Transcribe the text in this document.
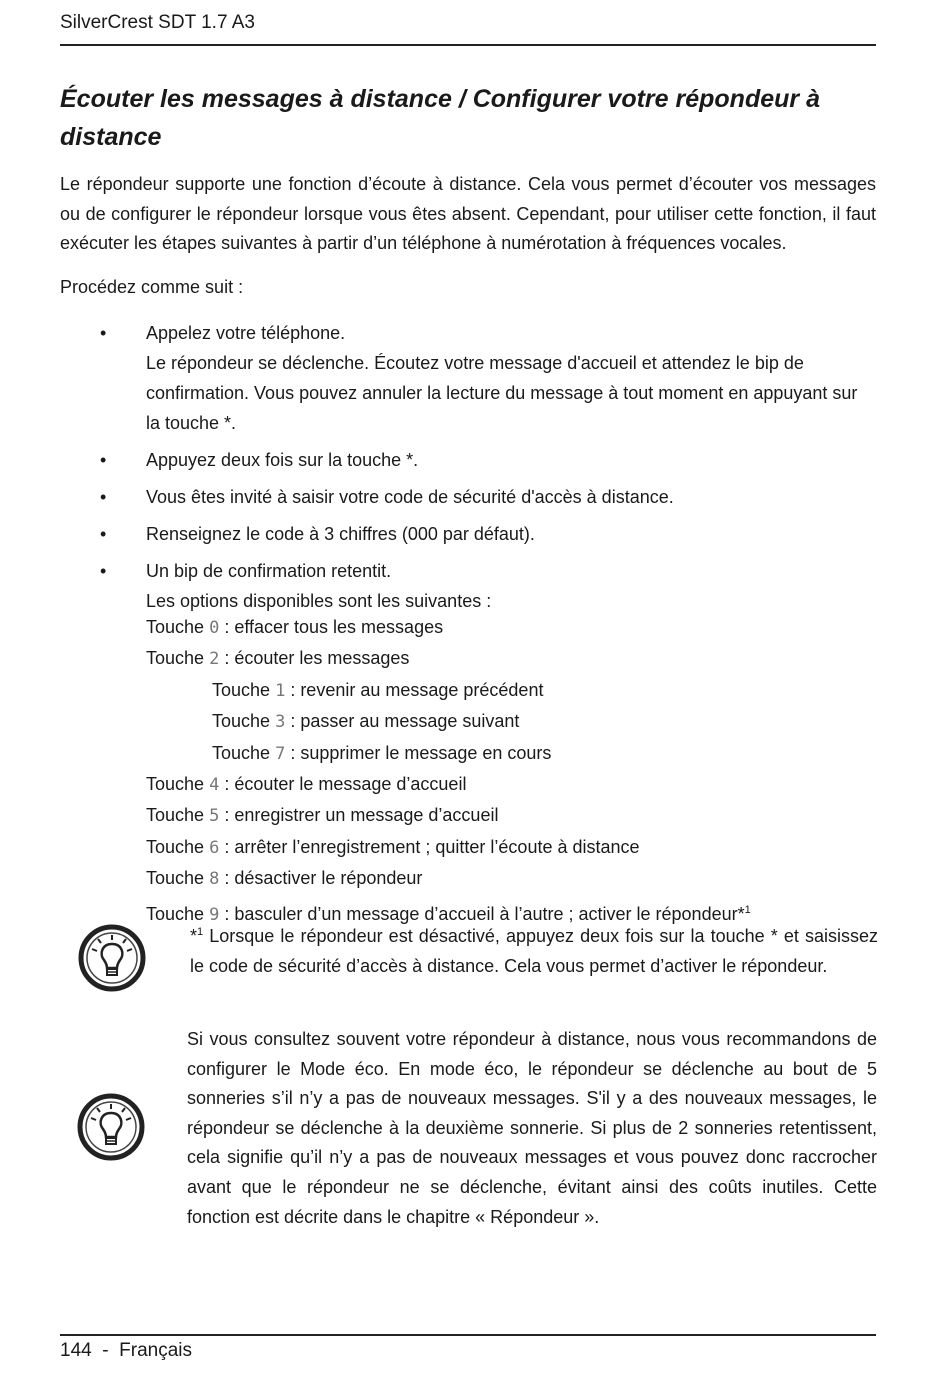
SilverCrest SDT 1.7 A3
Écouter les messages à distance / Configurer votre répondeur à distance
Le répondeur supporte une fonction d’écoute à distance. Cela vous permet d’écouter vos messages ou de configurer le répondeur lorsque vous êtes absent. Cependant, pour utiliser cette fonction, il faut exécuter les étapes suivantes à partir d’un téléphone à numérotation à fréquences vocales.
Procédez comme suit :
• Appelez votre téléphone.
Le répondeur se déclenche. Écoutez votre message d'accueil et attendez le bip de confirmation. Vous pouvez annuler la lecture du message à tout moment en appuyant sur la touche *.
• Appuyez deux fois sur la touche *.
• Vous êtes invité à saisir votre code de sécurité d'accès à distance.
• Renseignez le code à 3 chiffres (000 par défaut).
• Un bip de confirmation retentit.
Les options disponibles sont les suivantes :
Touche 0 : effacer tous les messages
Touche 2 : écouter les messages
Touche 1 : revenir au message précédent
Touche 3 : passer au message suivant
Touche 7 : supprimer le message en cours
Touche 4 : écouter le message d’accueil
Touche 5 : enregistrer un message d’accueil
Touche 6 : arrêter l’enregistrement ; quitter l’écoute à distance
Touche 8 : désactiver le répondeur
Touche 9 : basculer d’un message d’accueil à l’autre ; activer le répondeur*$^1$
*$^1$ Lorsque le répondeur est désactivé, appuyez deux fois sur la touche * et saisissez le code de sécurité d’accès à distance. Cela vous permet d’activer le répondeur.
Si vous consultez souvent votre répondeur à distance, nous vous recommandons de configurer le Mode éco. En mode éco, le répondeur se déclenche au bout de 5 sonneries s’il n’y a pas de nouveaux messages. S'il y a des nouveaux messages, le répondeur se déclenche à la deuxième sonnerie. Si plus de 2 sonneries retentissent, cela signifie qu’il n’y a pas de nouveaux messages et vous pouvez donc raccrocher avant que le répondeur ne se déclenche, évitant ainsi des coûts inutiles. Cette fonction est décrite dans le chapitre « Répondeur ».
144 - Français
